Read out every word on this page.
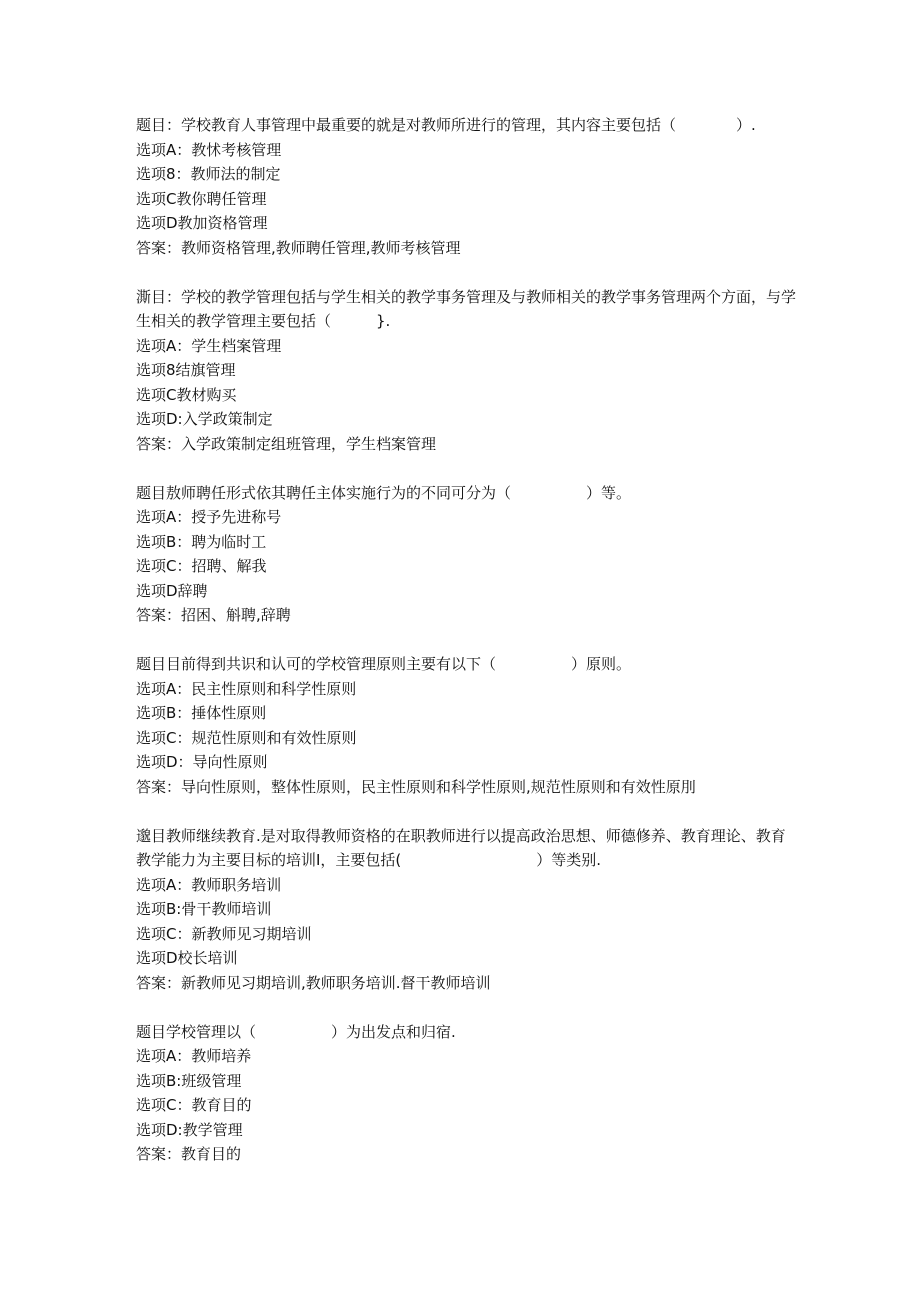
题目：学校教育人事管理中最重要的就是对教师所进行的管理，其内容主要包括（　　　　）.
选项A：教怵考核管理
选项8：教师法的制定
选项C教你聘任管理
选项D教加资格管理
答案：教师资格管理,教师聘任管理,教师考核管理
澌目：学校的教学管理包括与学生相关的教学事务管理及与教师相关的教学事务管理两个方面，与学生相关的教学管理主要包括（　　　}.
选项A：学生档案管理
选项8结旗管理
选项C教材购买
选项D:入学政策制定
答案：入学政策制定组班管理，学生档案管理
题目敖师聘任形式依其聘任主体实施行为的不同可分为（　　　　　）等。
选项A：授予先进称号
选项B：聘为临时工
选项C：招聘、解我
选项D辞聘
答案：招困、斛聘,辞聘
题目目前得到共识和认可的学校管理原则主要有以下（　　　　　）原则。
选项A：民主性原则和科学性原则
选项B：捶体性原则
选项C：规范性原则和有效性原则
选项D：导向性原则
答案：导向性原则，整体性原则，民主性原则和科学性原则,规范性原则和有效性原刖
邈目教师继续教育.是对取得教师资格的在职教师进行以提高政治思想、师德修养、教育理论、教育教学能力为主要目标的培训I，主要包括(　　　　　　　　　）等类别.
选项A：教师职务培训
选项B:骨干教师培训
选项C：新教师见习期培训
选项D校长培训
答案：新教师见习期培训,教师职务培训.督干教师培训
题目学校管理以（　　　　　）为出发点和归宿.
选项A：教师培养
选项B:班级管理
选项C：教育目的
选项D:教学管理
答案：教育目的
